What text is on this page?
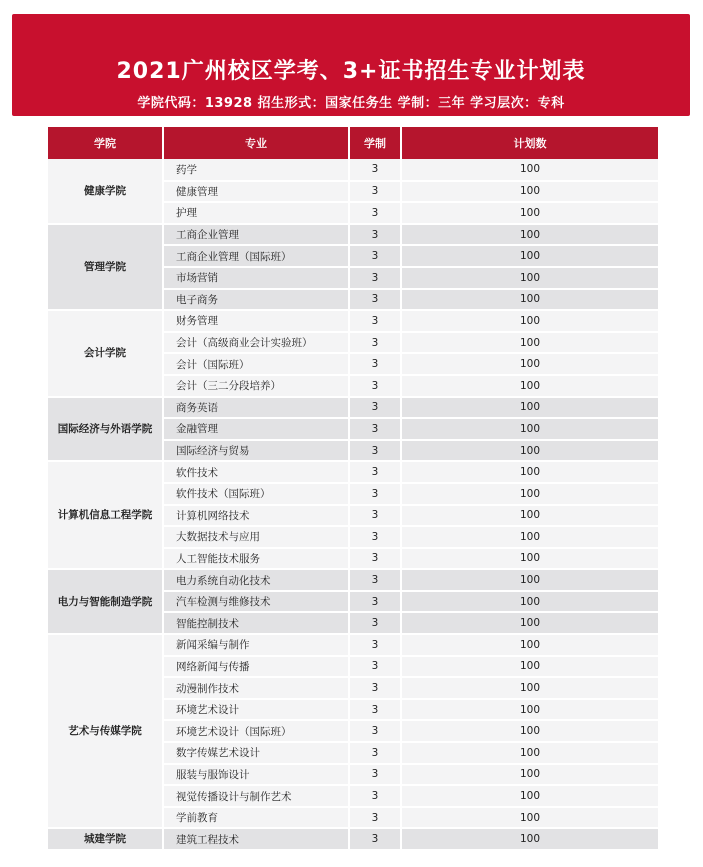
2021广州校区学考、3+证书招生专业计划表
学院代码：13928 招生形式：国家任务生 学制：三年 学习层次：专科
学院	专业	学制	计划数
健康学院	药学	3	100
	健康管理	3	100
	护理	3	100
管理学院	工商企业管理	3	100
	工商企业管理（国际班）	3	100
	市场营销	3	100
	电子商务	3	100
会计学院	财务管理	3	100
	会计（高级商业会计实验班）	3	100
	会计（国际班）	3	100
	会计（三二分段培养）	3	100
国际经济与外语学院	商务英语	3	100
	金融管理	3	100
	国际经济与贸易	3	100
计算机信息工程学院	软件技术	3	100
	软件技术（国际班）	3	100
	计算机网络技术	3	100
	大数据技术与应用	3	100
	人工智能技术服务	3	100
电力与智能制造学院	电力系统自动化技术	3	100
	汽车检测与维修技术	3	100
	智能控制技术	3	100
艺术与传媒学院	新闻采编与制作	3	100
	网络新闻与传播	3	100
	动漫制作技术	3	100
	环境艺术设计	3	100
	环境艺术设计（国际班）	3	100
	数字传媒艺术设计	3	100
	服装与服饰设计	3	100
	视觉传播设计与制作艺术	3	100
	学前教育	3	100
城建学院	建筑工程技术	3	100
